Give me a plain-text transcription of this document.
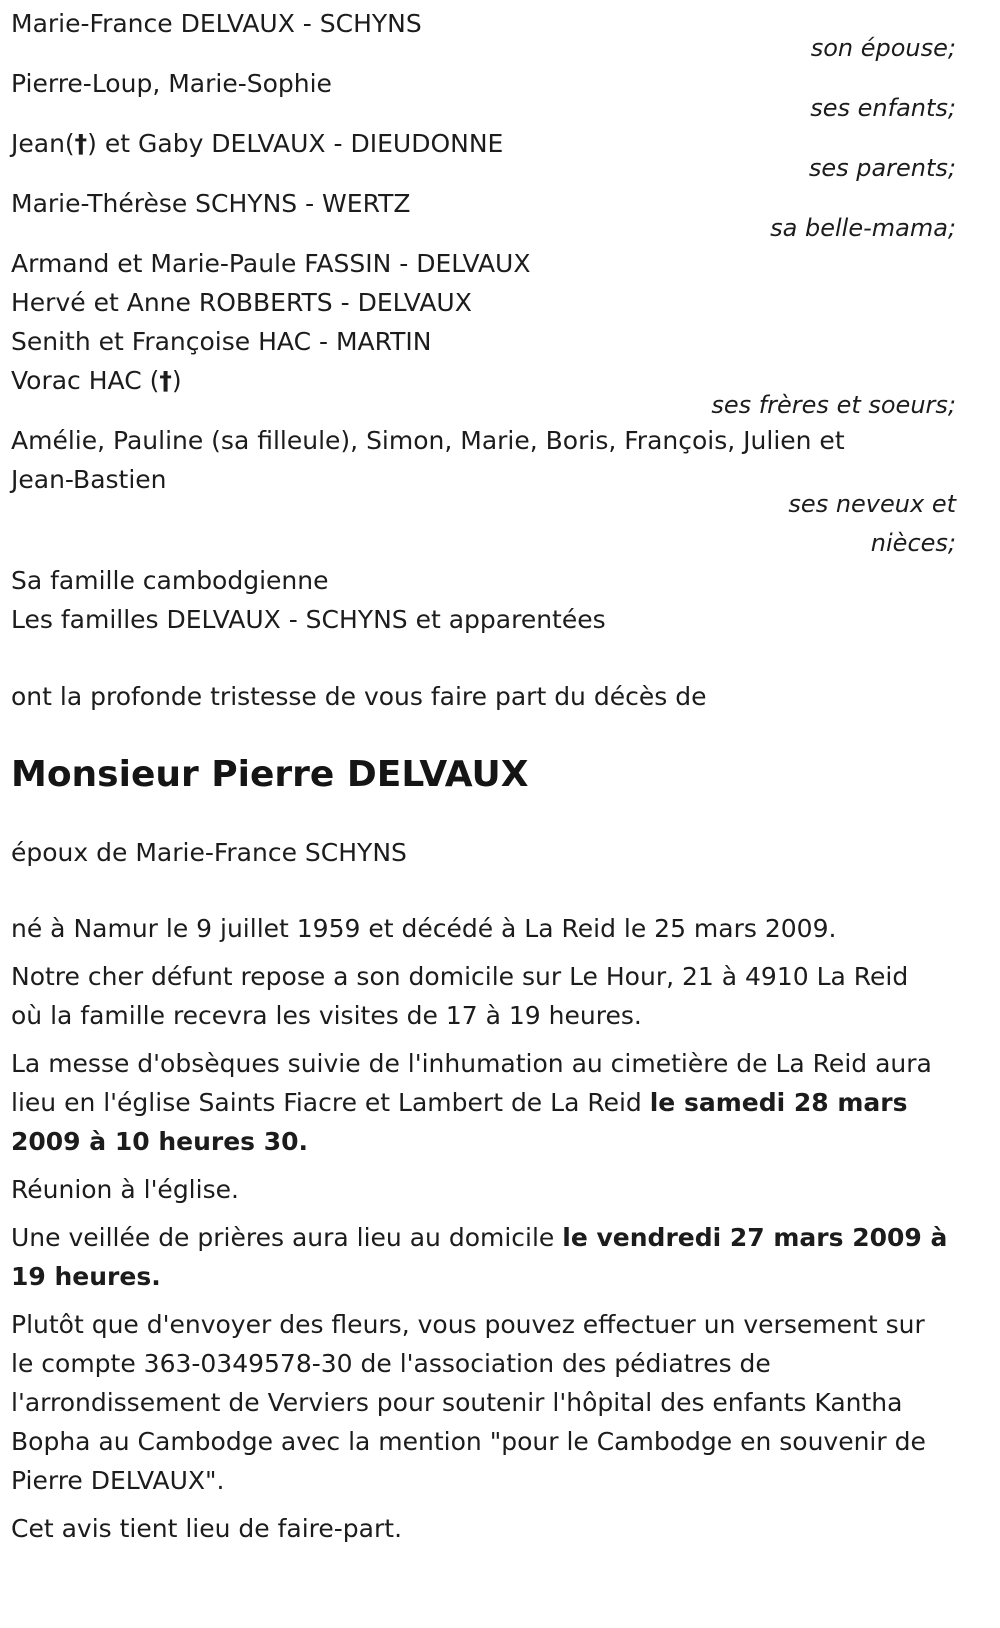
Marie-France DELVAUX - SCHYNS
son épouse;
Pierre-Loup, Marie-Sophie
ses enfants;
Jean(†) et Gaby DELVAUX - DIEUDONNE
ses parents;
Marie-Thérèse SCHYNS - WERTZ
sa belle-mama;
Armand et Marie-Paule FASSIN - DELVAUX
Hervé et Anne ROBBERTS - DELVAUX
Senith et Françoise HAC - MARTIN
Vorac HAC (†)
ses frères et soeurs;
Amélie, Pauline (sa filleule), Simon, Marie, Boris, François, Julien et
Jean-Bastien
ses neveux et
nièces;
Sa famille cambodgienne
Les familles DELVAUX - SCHYNS et apparentées
ont la profonde tristesse de vous faire part du décès de
Monsieur Pierre DELVAUX
époux de Marie-France SCHYNS
né à Namur le 9 juillet 1959 et décédé à La Reid le 25 mars 2009.
Notre cher défunt repose a son domicile sur Le Hour, 21 à 4910 La Reid
où la famille recevra les visites de 17 à 19 heures.
La messe d'obsèques suivie de l'inhumation au cimetière de La Reid aura
lieu en l'église Saints Fiacre et Lambert de La Reid le samedi 28 mars
2009 à 10 heures 30.
Réunion à l'église.
Une veillée de prières aura lieu au domicile le vendredi 27 mars 2009 à
19 heures.
Plutôt que d'envoyer des fleurs, vous pouvez effectuer un versement sur
le compte 363-0349578-30 de l'association des pédiatres de
l'arrondissement de Verviers pour soutenir l'hôpital des enfants Kantha
Bopha au Cambodge avec la mention "pour le Cambodge en souvenir de
Pierre DELVAUX".
Cet avis tient lieu de faire-part.
